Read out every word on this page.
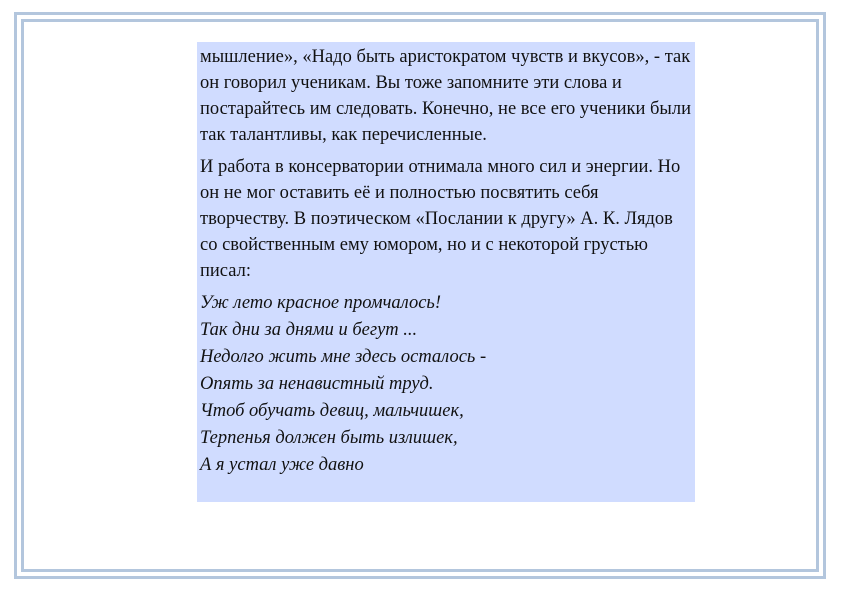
мышление», «Надо быть аристократом чувств и вкусов», - так он говорил ученикам. Вы тоже запомните эти слова и постарайтесь им следовать. Конечно, не все его ученики были так талантливы, как перечисленные.

И работа в консерватории отнимала много сил и энергии. Но он не мог оставить её и полностью посвятить себя творчеству. В поэтическом «Послании к другу» А. К. Лядов со свойственным ему юмором, но и с некоторой грустью писал:

Уж лето красное промчалось!
Так дни за днями и бегут ...
Недолго жить мне здесь осталось -
Опять за ненавистный труд.
Чтоб обучать девиц, мальчишек,
Терпенья должен быть излишек,
А я устал уже давно
